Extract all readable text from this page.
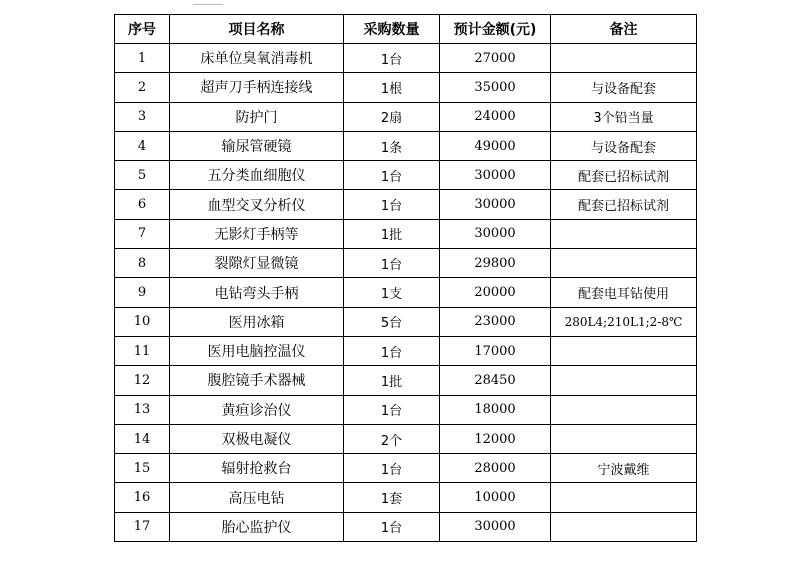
序号	项目名称	采购数量	预计金额(元)	备注
1	床单位臭氧消毒机	1台	27000	
2	超声刀手柄连接线	1根	35000	与设备配套
3	防护门	2扇	24000	3个铅当量
4	输尿管硬镜	1条	49000	与设备配套
5	五分类血细胞仪	1台	30000	配套已招标试剂
6	血型交叉分析仪	1台	30000	配套已招标试剂
7	无影灯手柄等	1批	30000	
8	裂隙灯显微镜	1台	29800	
9	电钻弯头手柄	1支	20000	配套电耳钻使用
10	医用冰箱	5台	23000	280L4;210L1;2-8℃
11	医用电脑控温仪	1台	17000	
12	腹腔镜手术器械	1批	28450	
13	黄疸诊治仪	1台	18000	
14	双极电凝仪	2个	12000	
15	辐射抢救台	1台	28000	宁波戴维
16	高压电钻	1套	10000	
17	胎心监护仪	1台	30000	
